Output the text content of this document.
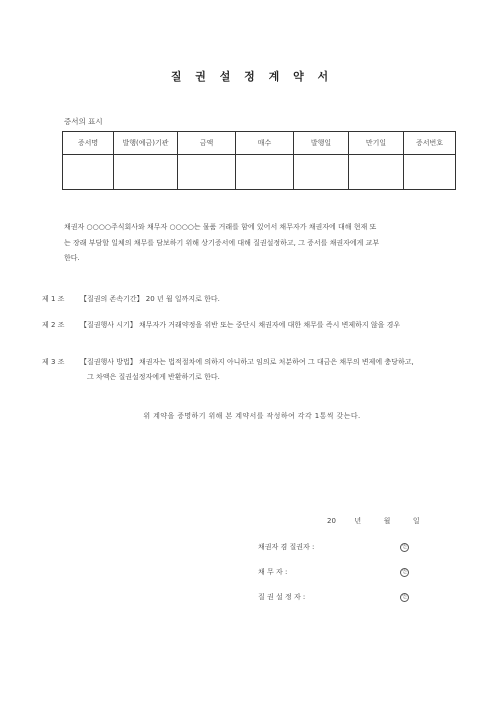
질 권 설 정 계 약 서
증서의 표시
증서명	발행(예금)기관	금액	매수	발행일	만기일	증서번호

채권자 ○○○○주식회사와 채무자 ○○○○는 물품 거래를 함에 있어서 채무자가 채권자에 대해 현재 또

는 장래 부담할 일체의 채무를 담보하기 위해 상기증서에 대해 질권설정하고, 그 증서를 채권자에게 교부

한다.

제 1 조 【질권의 존속기간】 20 년 월 일까지로 한다.
제 2 조 【질권행사 시기】 채무자가 거래약정을 위반 또는 중단시 채권자에 대한 채무를 즉시 변제하지 않을 경우
제 3 조 【질권행사 방법】 채권자는 법적절차에 의하지 아니하고 임의로 처분하여 그 대금은 채무의 변제에 충당하고,
그 차액은 질권설정자에게 반환하기로 한다.
위 계약을 증명하기 위해 본 계약서를 작성하여 각각 1통씩 갖는다.
20	년	월	일
채권자 겸 질권자 :	인
채 무 자 :	인
질 권 설 정 자 :	인
